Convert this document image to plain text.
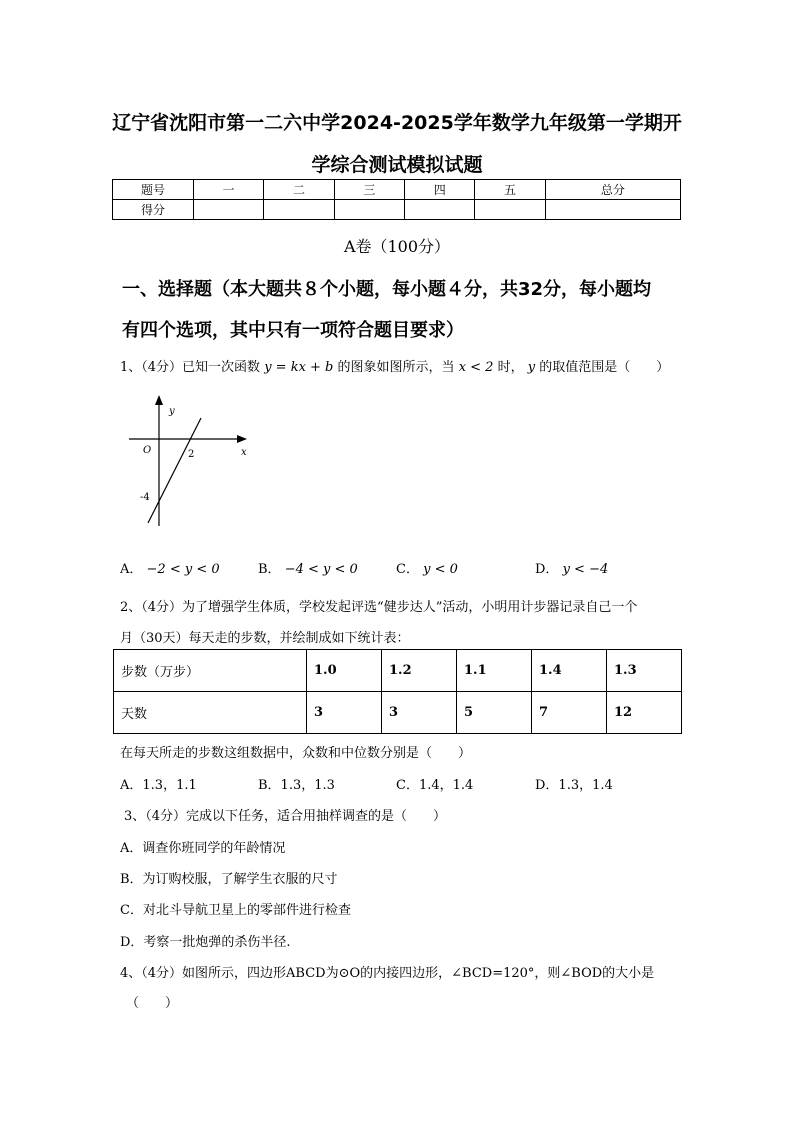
辽宁省沈阳市第一二六中学2024-2025学年数学九年级第一学期开
学综合测试模拟试题
题号	一	二	三	四	五	总分
得分						
A卷（100分）
一、选择题（本大题共８个小题，每小题４分，共32分，每小题均
有四个选项，其中只有一项符合题目要求）
1、（4分）已知一次函数 y = kx + b 的图象如图所示，当 x < 2 时， y 的取值范围是（　　）
y
x
O	2
-4
A． −2 < y < 0	B． −4 < y < 0	C． y < 0	D． y < −4
2、（4分）为了增强学生体质，学校发起评选“健步达人”活动，小明用计步器记录自己一个
月（30天）每天走的步数，并绘制成如下统计表：
步数（万步）	1.0	1.2	1.1	1.4	1.3
天数	3	3	5	7	12
在每天所走的步数这组数据中，众数和中位数分别是（　　）
A．1.3，1.1	B．1.3，1.3	C．1.4，1.4	D．1.3，1.4
3、（4分）完成以下任务，适合用抽样调查的是（　　）
A．调查你班同学的年龄情况
B．为订购校服，了解学生衣服的尺寸
C．对北斗导航卫星上的零部件进行检查
D．考察一批炮弹的杀伤半径.
4、（4分）如图所示，四边形ABCD为⊙O的内接四边形，∠BCD=120°，则∠BOD的大小是
（　　）
